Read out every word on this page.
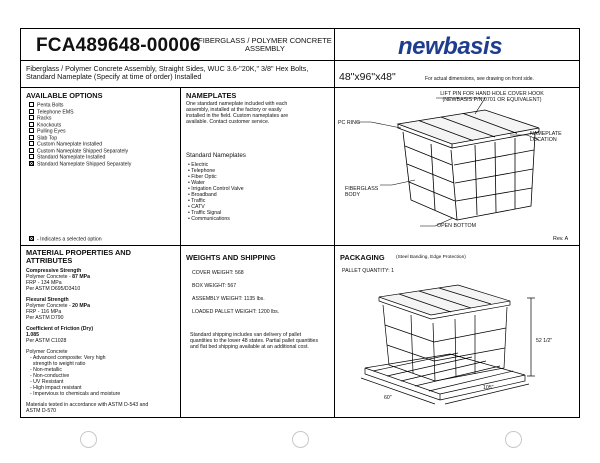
FCA489648-00006
FIBERGLASS / POLYMER CONCRETE ASSEMBLY	newbasis
Fiberglass / Polymer Concrete Assembly, Straight Sides, WUC 3.6-"20K," 3/8" Hex Bolts, Standard Nameplate (Specify at time of order) Installed	48"x96"x48"	For actual dimensions, see drawing on front side.
AVAILABLE OPTIONS
Penta Bolts
Telephone EMS
Racks
Knockouts
Pulling Eyes
Slab Top
Custom Nameplate Installed
Custom Nameplate Shipped Separately
Standard Nameplate Installed
Standard Nameplate Shipped Separately
- Indicates a selected option
NAMEPLATES
One standard nameplate included with each assembly, installed at the factory or easily installed in the field. Custom nameplates are available. Contact customer service.
Standard Nameplates
• Electric
• Telephone
• Fiber Optic
• Water
• Irrigation Control Valve
• Broadband
• Traffic
• CATV
• Traffic Signal
• Communications
LIFT PIN FOR HAND HOLE COVER HOOK (NEWBASIS P/N 0701 OR EQUIVALENT)
PC RING
NAMEPLATE LOCATION
FIBERGLASS BODY
OPEN BOTTOM
Rev. A
MATERIAL PROPERTIES AND ATTRIBUTES
Compressive Strength
Polymer Concrete - 87 MPa
FRP - 134 MPa
Per ASTM D695/D3410
Flexural Strength
Polymer Concrete - 20 MPa
FRP - 116 MPa
Per ASTM D790
Coefficient of Friction (Dry)
1.085
Per ASTM C1028
Polymer Concrete
- Advanced composite: Very high
strength to weight ratio
- Non-metallic
- Non-conductive
- UV Resistant
- High impact resistant
- Impervious to chemicals and moisture
Materials tested in accordance with ASTM D-543 and ASTM D-570
WEIGHTS AND SHIPPING
COVER WEIGHT: 568
BOX WEIGHT: 567
ASSEMBLY WEIGHT: 1135 lbs.
LOADED PALLET WEIGHT: 1200 lbs.
Standard shipping includes van delivery of pallet quantities to the lower 48 states. Partial pallet quantities and flat bed shipping available at an additional cost.
PACKAGING (Steel Banding, Edge Protection)
PALLET QUANTITY: 1
52 1/2"
60"
105"
